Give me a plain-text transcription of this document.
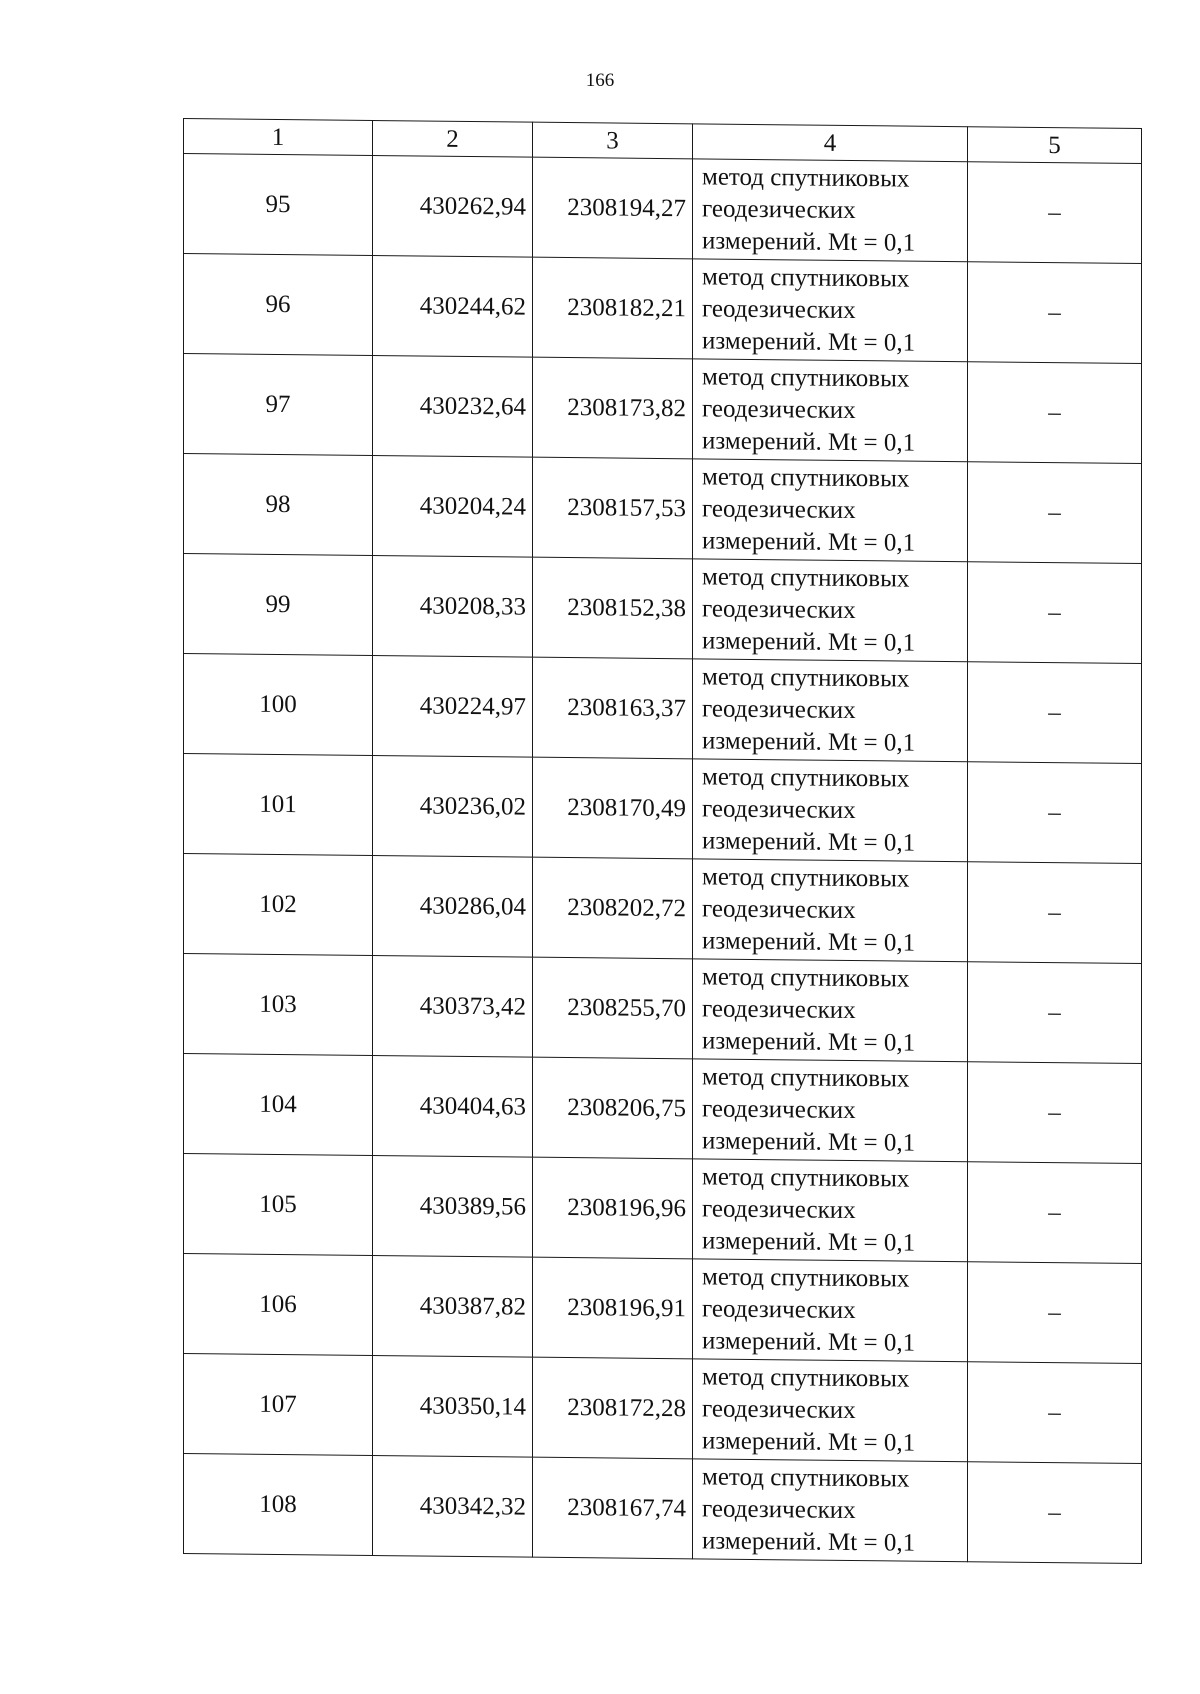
166
1	2	3	4	5
95	430262,94	2308194,27	метод спутниковых
геодезических
измерений. Mt = 0,1	–
96	430244,62	2308182,21	метод спутниковых
геодезических
измерений. Mt = 0,1	–
97	430232,64	2308173,82	метод спутниковых
геодезических
измерений. Mt = 0,1	–
98	430204,24	2308157,53	метод спутниковых
геодезических
измерений. Mt = 0,1	–
99	430208,33	2308152,38	метод спутниковых
геодезических
измерений. Mt = 0,1	–
100	430224,97	2308163,37	метод спутниковых
геодезических
измерений. Mt = 0,1	–
101	430236,02	2308170,49	метод спутниковых
геодезических
измерений. Mt = 0,1	–
102	430286,04	2308202,72	метод спутниковых
геодезических
измерений. Mt = 0,1	–
103	430373,42	2308255,70	метод спутниковых
геодезических
измерений. Mt = 0,1	–
104	430404,63	2308206,75	метод спутниковых
геодезических
измерений. Mt = 0,1	–
105	430389,56	2308196,96	метод спутниковых
геодезических
измерений. Mt = 0,1	–
106	430387,82	2308196,91	метод спутниковых
геодезических
измерений. Mt = 0,1	–
107	430350,14	2308172,28	метод спутниковых
геодезических
измерений. Mt = 0,1	–
108	430342,32	2308167,74	метод спутниковых
геодезических
измерений. Mt = 0,1	–
